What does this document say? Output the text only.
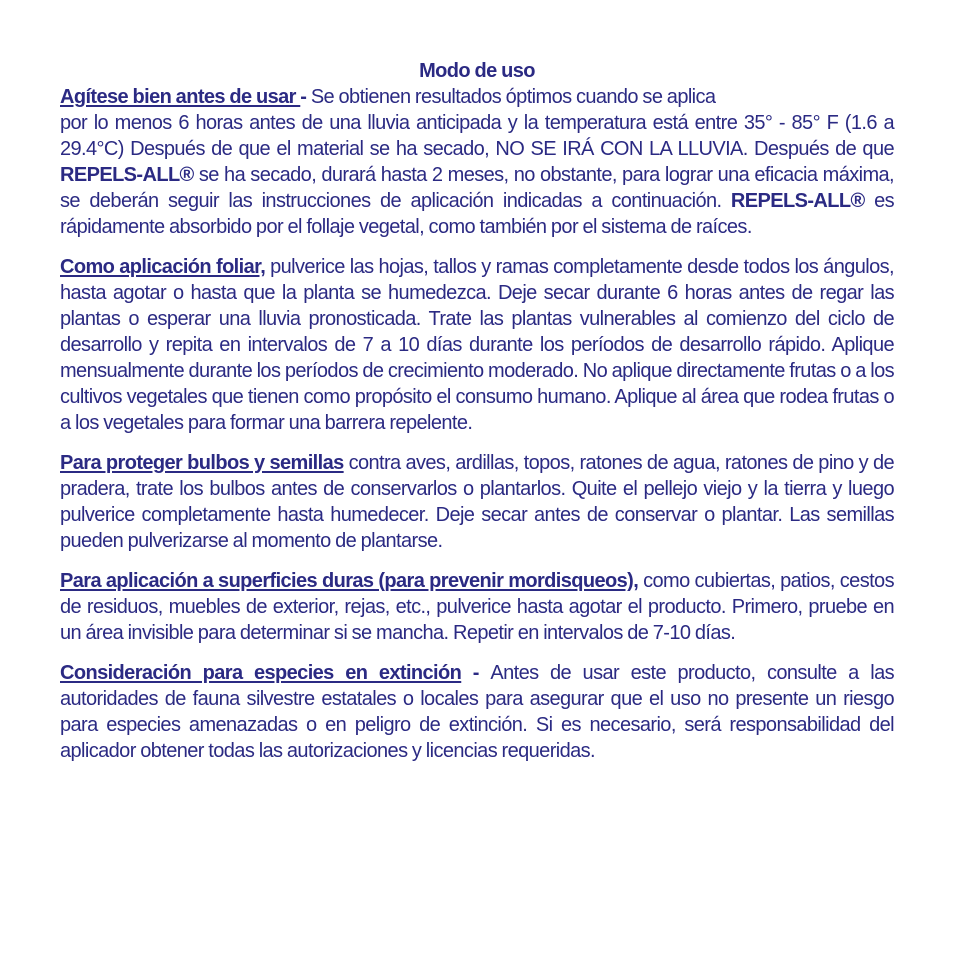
Modo de uso

Agítese bien antes de usar - Se obtienen resultados óptimos cuando se aplica
por lo menos 6 horas antes de una lluvia anticipada y la temperatura está entre 35° - 85° F (1.6 a 29.4°C) Después de que el material se ha secado, NO SE IRÁ CON LA LLUVIA. Después de que REPELS-ALL® se ha secado, durará hasta 2 meses, no obstante, para lograr una eficacia máxima, se deberán seguir las instrucciones de aplicación indicadas a continuación. REPELS-ALL® es rápidamente absorbido por el follaje vegetal, como también por el sistema de raíces.

Como aplicación foliar, pulverice las hojas, tallos y ramas completamente desde todos los ángulos, hasta agotar o hasta que la planta se humedezca. Deje secar durante 6 horas antes de regar las plantas o esperar una lluvia pronosticada. Trate las plantas vulnerables al comienzo del ciclo de desarrollo y repita en intervalos de 7 a 10 días durante los períodos de desarrollo rápido. Aplique mensualmente durante los períodos de crecimiento moderado. No aplique directamente frutas o a los cultivos vegetales que tienen como propósito el consumo humano. Aplique al área que rodea frutas o a los vegetales para formar una barrera repelente.

Para proteger bulbos y semillas contra aves, ardillas, topos, ratones de agua, ratones de pino y de pradera, trate los bulbos antes de conservarlos o plantarlos. Quite el pellejo viejo y la tierra y luego pulverice completamente hasta humedecer. Deje secar antes de conservar o plantar. Las semillas pueden pulverizarse al momento de plantarse.

Para aplicación a superficies duras (para prevenir mordisqueos), como cubiertas, patios, cestos de residuos, muebles de exterior, rejas, etc., pulverice hasta agotar el producto. Primero, pruebe en un área invisible para determinar si se mancha. Repetir en intervalos de 7-10 días.

Consideración para especies en extinción - Antes de usar este producto, consulte a las autoridades de fauna silvestre estatales o locales para asegurar que el uso no presente un riesgo para especies amenazadas o en peligro de extinción. Si es necesario, será responsabilidad del aplicador obtener todas las autorizaciones y licencias requeridas.
